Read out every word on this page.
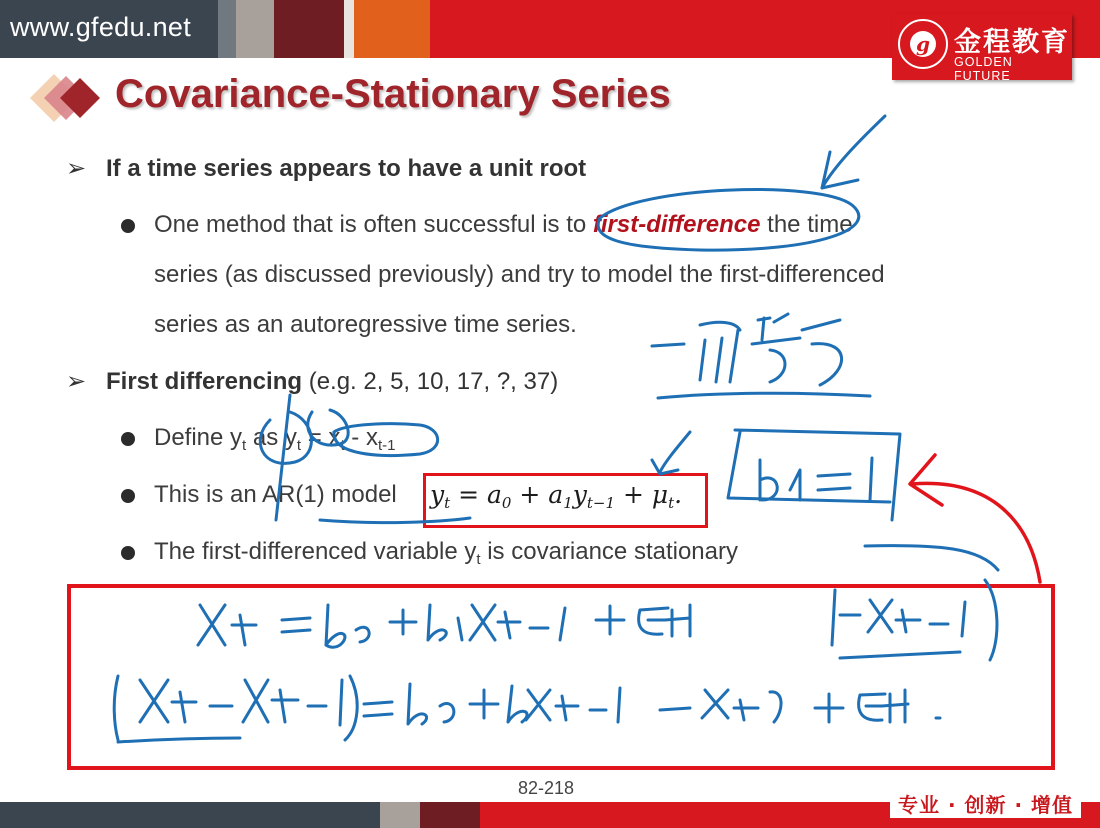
www.gfedu.net
g 金程教育
GOLDEN FUTURE
Covariance-Stationary Series
➢ If a time series appears to have a unit root
One method that is often successful is to first-difference the time
series (as discussed previously) and try to model the first-differenced
series as an autoregressive time series.
➢ First differencing (e.g. 2, 5, 10, 17, ?, 37)
Define $y_t$ as $y_t = x_t - x_{t-1}$
This is an AR(1) model $y_t = a_0 + a_1y_{t-1} + \mu_t$.
The first-differenced variable $y_t$ is covariance stationary
82-218
专业 · 创新 · 增值
